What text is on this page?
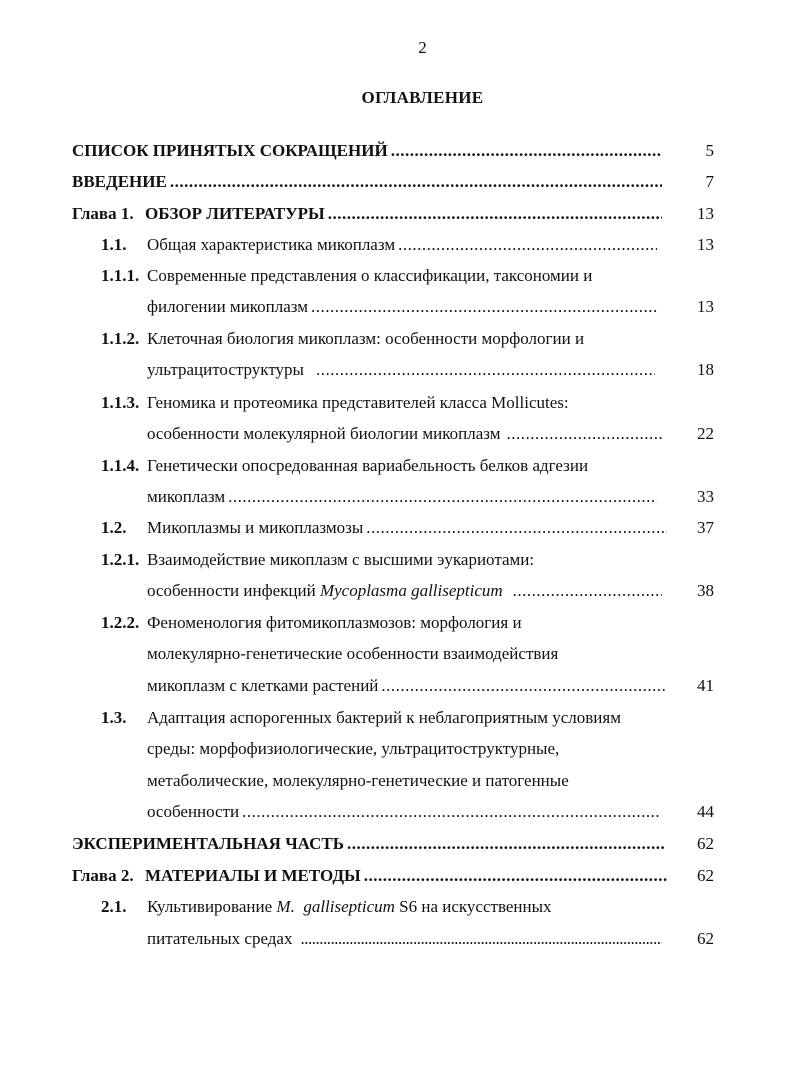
2
ОГЛАВЛЕНИЕ
СПИСОК ПРИНЯТЫХ СОКРАЩЕНИЙ .....	5
ВВЕДЕНИЕ .....	7
Глава 1. ОБЗОР ЛИТЕРАТУРЫ .....	13
1.1. Общая характеристика микоплазм .....	13
1.1.1. Современные представления о классификации, таксономии и
филогении микоплазм .....	13
1.1.2. Клеточная биология микоплазм: особенности морфологии и
ультрацитоструктуры .....	18
1.1.3. Геномика и протеомика представителей класса Mollicutes:
особенности молекулярной биологии микоплазм .....	22
1.1.4. Генетически опосредованная вариабельность белков адгезии
микоплазм .....	33
1.2. Микоплазмы и микоплазмозы .....	37
1.2.1. Взаимодействие микоплазм с высшими эукариотами:
особенности инфекций Mycoplasma gallisepticum .....	38
1.2.2. Феноменология фитомикоплазмозов: морфология и
молекулярно-генетические особенности взаимодействия
микоплазм с клетками растений .....	41
1.3. Адаптация аспорогенных бактерий к неблагоприятным условиям
среды: морфофизиологические, ультрацитоструктурные,
метаболические, молекулярно-генетические и патогенные
особенности .....	44
ЭКСПЕРИМЕНТАЛЬНАЯ ЧАСТЬ .....	62
Глава 2. МАТЕРИАЛЫ И МЕТОДЫ .....	62
2.1. Культивирование M.  gallisepticum S6 на искусственных
питательных средах .....	62
